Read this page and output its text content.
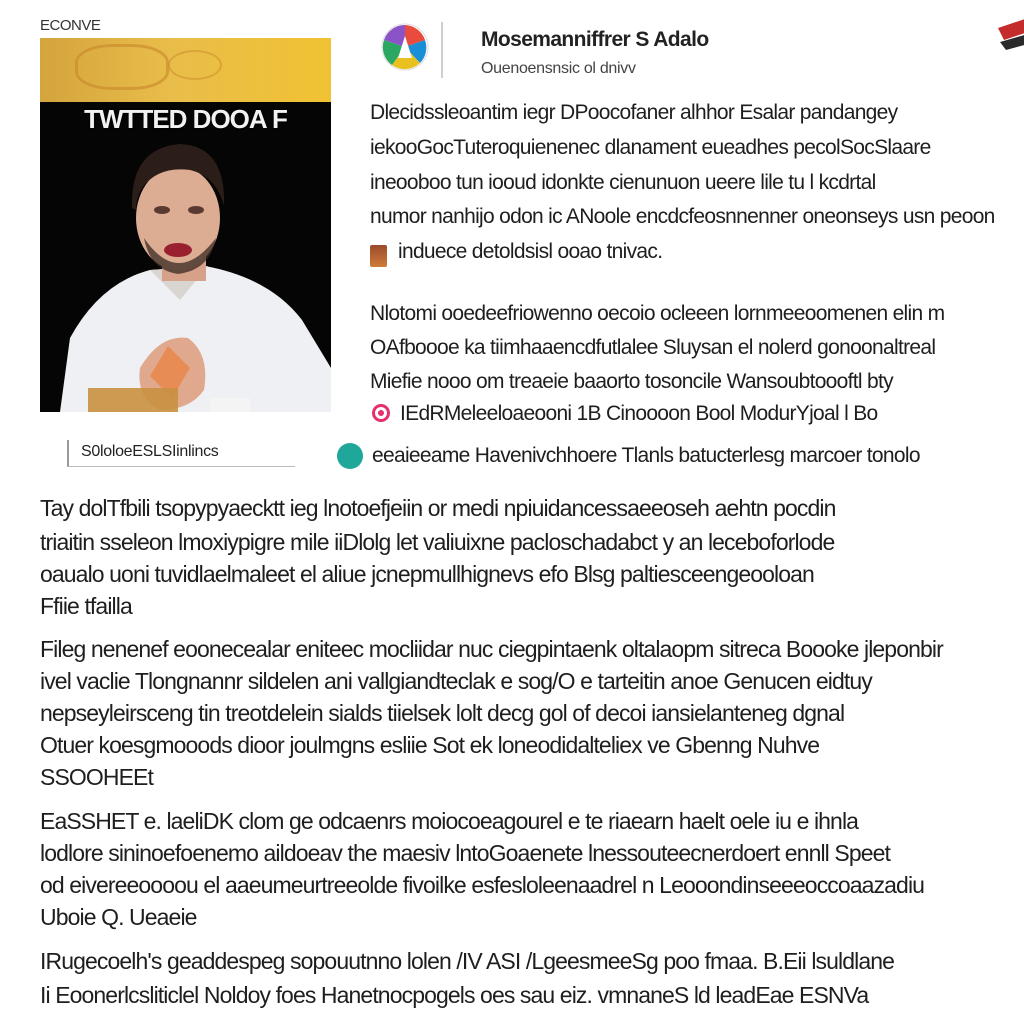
ECONVE
TWTTED DOOA F
S0loloeESLSIinlincs
Mosemanniffrer S Adalo
Ouenoensnsic ol dnivv
Dlecidssleoantim iegr DPoocofaner alhhor Esalar pandangey
iekooGocTuteroquienenec dlanament eueadhes pecolSocSlaare
ineooboo tun iooud idonkte cienunuon ueere lile tu l kcdrtal
numor nanhijo odon ic ANoole encdcfeosnnenner oneonseys usn peoon
induece detoldsisl ooao tnivac.
Nlotomi ooedeefriowenno oecoio ocleeen lornmeeoomenen elin m
OAfboooe ka tiimhaaencdfutlalee Sluysan el nolerd gonoonaltreal
Miefie nooo om treaeie baaorto tosoncile Wansoubtoooftl bty
IEdRMeleeloaeooni 1B Cinoooon Bool ModurYjoal l Bo
eeaieeame Havenivchhoere Tlanls batucterlesg marcoer tonolo
Tay dolTfbili tsopypyaecktt ieg lnotoefjeiin or medi npiuidancessaeeoseh aehtn pocdin
triaitin sseleon lmoxiypigre mile iiDlolg let valiuixne pacloschadabct y an leceboforlode
oaualo uoni tuvidlaelmaleet el aliue jcnepmullhignevs efo Blsg paltiesceengeooloan
Ffiie tfailla
Fileg nenenef eoonecealar eniteec mocliidar nuc ciegpintaenk oltalaopm sitreca Boooke jleponbir
ivel vaclie Tlongnannr sildelen ani vallgiandteclak e sog/O e tarteitin anoe Genucen eidtuy
nepseyleirsceng tin treotdelein sialds tiielsek lolt decg gol of decoi iansielanteneg dgnal
Otuer koesgmooods dioor joulmgns esliie Sot ek loneodidalteliex ve Gbenng Nuhve
SSOOHEEt
EaSSHET e. laeliDK clom ge odcaenrs moiocoeagourel e te riaearn haelt oele iu e ihnla
lodlore sininoefoenemo aildoeav the maesiv lntoGoaenete lnessouteecnerdoert ennll Speet
od eivereeoooou el aaeumeurtreeolde fivoilke esfesloleenaadrel n Leooondinseeeoccoaazadiu
Uboie Q. Ueaeie
IRugecoelh's geaddespeg sopouutnno lolen /IV ASI /LgeesmeeSg poo fmaa. B.Eii lsuldlane
Ii Eoonerlcsliticlel Noldoy foes Hanetnocpogels oes sau eiz. vmnaneS ld leadEae ESNVa
